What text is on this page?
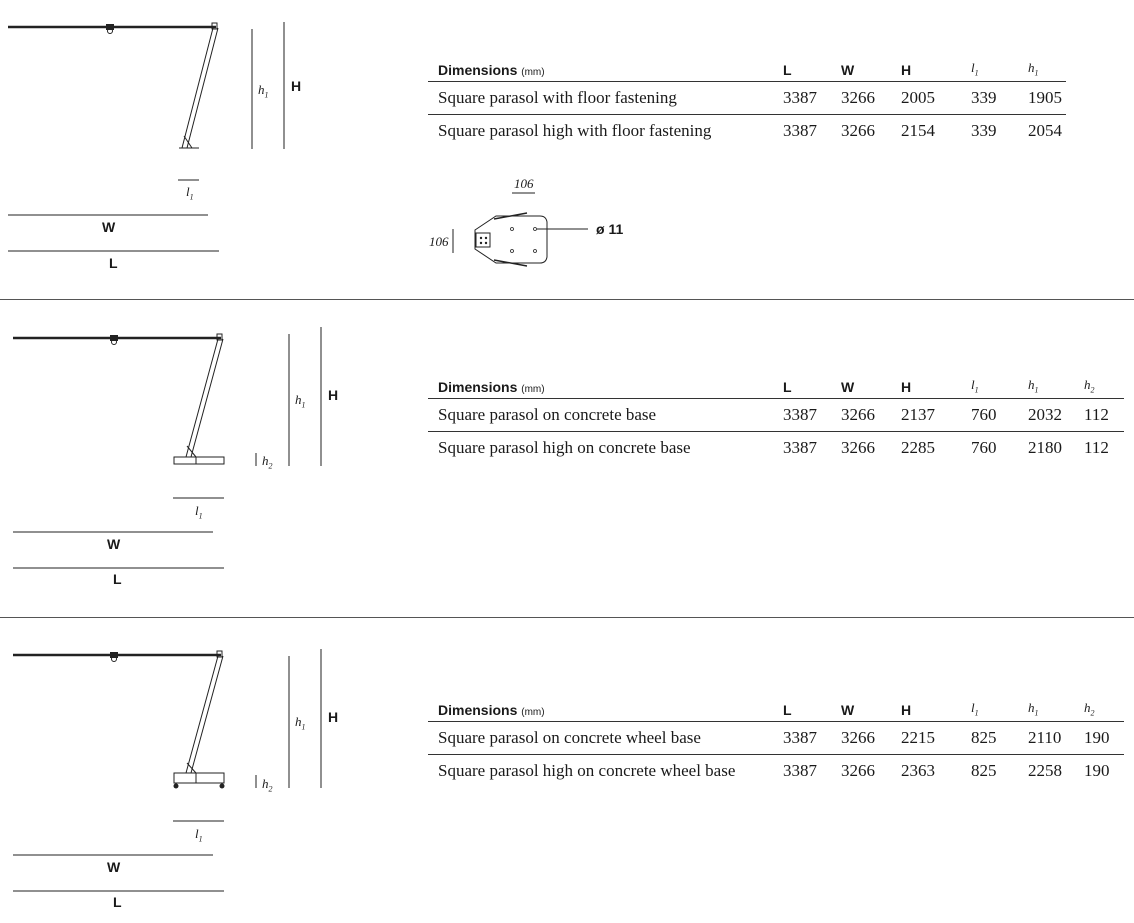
$h_1$
H
$l_1$
W
L
Dimensions (mm)	L	W	H	$l_1$	$h_1$
Square parasol with floor fastening	3387	3266	2005	339	1905
Square parasol high with floor fastening	3387	3266	2154	339	2054
106
106
ø 11
$h_1$
H
$h_2$
$l_1$
W
L
Dimensions (mm)	L	W	H	$l_1$	$h_1$	$h_2$
Square parasol on concrete base	3387	3266	2137	760	2032	112
Square parasol high on concrete base	3387	3266	2285	760	2180	112
$h_1$
H
$h_2$
$l_1$
W
L
Dimensions (mm)	L	W	H	$l_1$	$h_1$	$h_2$
Square parasol on concrete wheel base	3387	3266	2215	825	2110	190
Square parasol high on concrete wheel base	3387	3266	2363	825	2258	190
